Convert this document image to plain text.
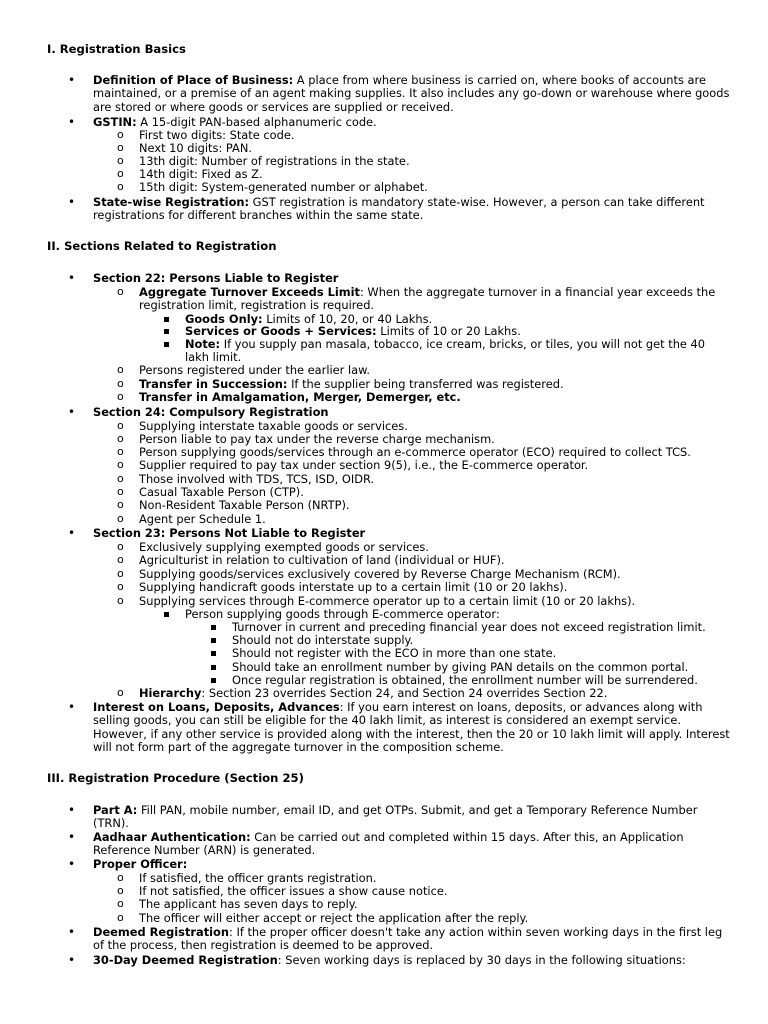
I. Registration Basics
• Definition of Place of Business: A place from where business is carried on, where books of accounts are maintained, or a premise of an agent making supplies. It also includes any go-down or warehouse where goods are stored or where goods or services are supplied or received.
• GSTIN: A 15-digit PAN-based alphanumeric code.
o First two digits: State code.
o Next 10 digits: PAN.
o 13th digit: Number of registrations in the state.
o 14th digit: Fixed as Z.
o 15th digit: System-generated number or alphabet.
• State-wise Registration: GST registration is mandatory state-wise. However, a person can take different registrations for different branches within the same state.
II. Sections Related to Registration
• Section 22: Persons Liable to Register
o Aggregate Turnover Exceeds Limit: When the aggregate turnover in a financial year exceeds the registration limit, registration is required.
Goods Only: Limits of 10, 20, or 40 Lakhs.
Services or Goods + Services: Limits of 10 or 20 Lakhs.
Note: If you supply pan masala, tobacco, ice cream, bricks, or tiles, you will not get the 40 lakh limit.
o Persons registered under the earlier law.
o Transfer in Succession: If the supplier being transferred was registered.
o Transfer in Amalgamation, Merger, Demerger, etc.
• Section 24: Compulsory Registration
o Supplying interstate taxable goods or services.
o Person liable to pay tax under the reverse charge mechanism.
o Person supplying goods/services through an e-commerce operator (ECO) required to collect TCS.
o Supplier required to pay tax under section 9(5), i.e., the E-commerce operator.
o Those involved with TDS, TCS, ISD, OIDR.
o Casual Taxable Person (CTP).
o Non-Resident Taxable Person (NRTP).
o Agent per Schedule 1.
• Section 23: Persons Not Liable to Register
o Exclusively supplying exempted goods or services.
o Agriculturist in relation to cultivation of land (individual or HUF).
o Supplying goods/services exclusively covered by Reverse Charge Mechanism (RCM).
o Supplying handicraft goods interstate up to a certain limit (10 or 20 lakhs).
o Supplying services through E-commerce operator up to a certain limit (10 or 20 lakhs).
Person supplying goods through E-commerce operator:
Turnover in current and preceding financial year does not exceed registration limit.
Should not do interstate supply.
Should not register with the ECO in more than one state.
Should take an enrollment number by giving PAN details on the common portal.
Once regular registration is obtained, the enrollment number will be surrendered.
o Hierarchy: Section 23 overrides Section 24, and Section 24 overrides Section 22.
• Interest on Loans, Deposits, Advances: If you earn interest on loans, deposits, or advances along with selling goods, you can still be eligible for the 40 lakh limit, as interest is considered an exempt service. However, if any other service is provided along with the interest, then the 20 or 10 lakh limit will apply. Interest will not form part of the aggregate turnover in the composition scheme.
III. Registration Procedure (Section 25)
• Part A: Fill PAN, mobile number, email ID, and get OTPs. Submit, and get a Temporary Reference Number (TRN).
• Aadhaar Authentication: Can be carried out and completed within 15 days. After this, an Application Reference Number (ARN) is generated.
• Proper Officer:
o If satisfied, the officer grants registration.
o If not satisfied, the officer issues a show cause notice.
o The applicant has seven days to reply.
o The officer will either accept or reject the application after the reply.
• Deemed Registration: If the proper officer doesn't take any action within seven working days in the first leg of the process, then registration is deemed to be approved.
• 30-Day Deemed Registration: Seven working days is replaced by 30 days in the following situations:
